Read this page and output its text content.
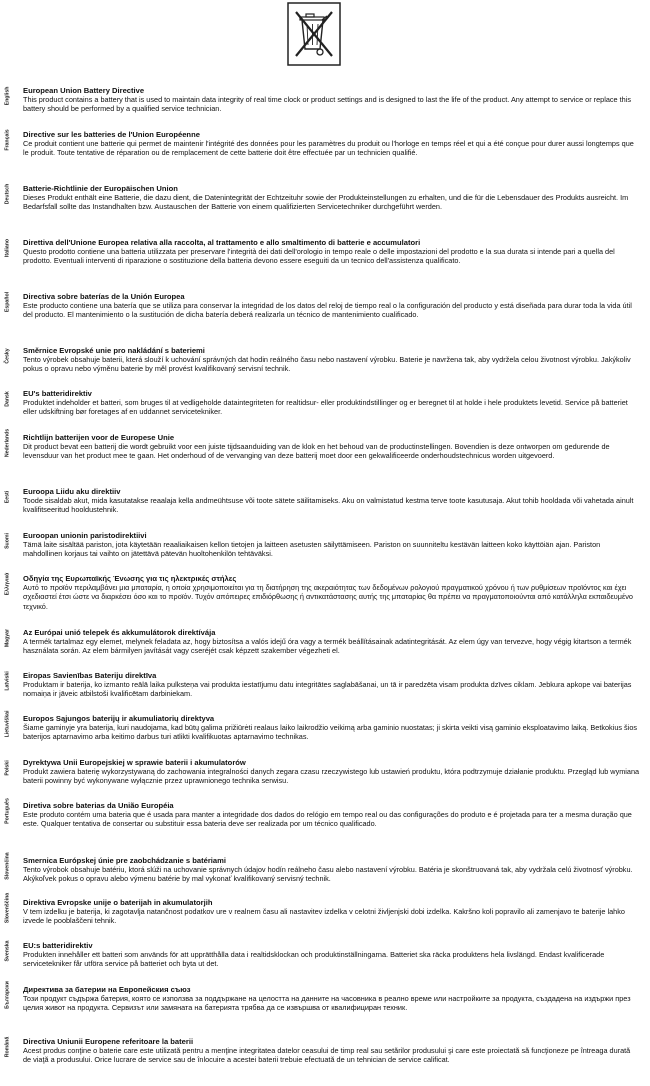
English European Union Battery Directive

This product contains a battery that is used to maintain data integrity of real time clock or product settings and is designed to last the life of the product. Any attempt to service or replace this battery should be performed by a qualified service technician.

Français Directive sur les batteries de l'Union Européenne

Ce produit contient une batterie qui permet de maintenir l'intégrité des données pour les paramètres du produit ou l'horloge en temps réel et qui a été conçue pour durer aussi longtemps que le produit. Toute tentative de réparation ou de remplacement de cette batterie doit être effectuée par un technicien qualifié.

Deutsch Batterie-Richtlinie der Europäischen Union

Dieses Produkt enthält eine Batterie, die dazu dient, die Datenintegrität der Echtzeituhr sowie der Produkteinstellungen zu erhalten, und die für die Lebensdauer des Produkts ausreicht. Im Bedarfsfall sollte das Instandhalten bzw. Austauschen der Batterie von einem qualifizierten Servicetechniker durchgeführt werden.

Italiano Direttiva dell'Unione Europea relativa alla raccolta, al trattamento e allo smaltimento di batterie e accumulatori

Questo prodotto contiene una batteria utilizzata per preservare l'integrità dei dati dell'orologio in tempo reale o delle impostazioni del prodotto e la sua durata si intende pari a quella del prodotto. Eventuali interventi di riparazione o sostituzione della batteria devono essere eseguiti da un tecnico dell'assistenza qualificato.

Español Directiva sobre baterías de la Unión Europea

Este producto contiene una batería que se utiliza para conservar la integridad de los datos del reloj de tiempo real o la configuración del producto y está diseñada para durar toda la vida útil del producto. El mantenimiento o la sustitución de dicha batería deberá realizarla un técnico de mantenimiento cualificado.

Česky Směrnice Evropské unie pro nakládání s bateriemi

Tento výrobek obsahuje baterii, která slouží k uchování správných dat hodin reálného času nebo nastavení výrobku. Baterie je navržena tak, aby vydržela celou životnost výrobku. Jakýkoliv pokus o opravu nebo výměnu baterie by měl provést kvalifikovaný servisní technik.

Dansk EU's batteridirektiv

Produktet indeholder et batteri, som bruges til at vedligeholde dataintegriteten for realtidsur- eller produktindstillinger og er beregnet til at holde i hele produktets levetid. Service på batteriet eller udskiftning bør foretages af en uddannet servicetekniker.

Nederlands Richtlijn batterijen voor de Europese Unie

Dit product bevat een batterij die wordt gebruikt voor een juiste tijdsaanduiding van de klok en het behoud van de productinstellingen. Bovendien is deze ontworpen om gedurende de levensduur van het product mee te gaan. Het onderhoud of de vervanging van deze batterij moet door een gekwalificeerde onderhoudstechnicus worden uitgevoerd.

Eesti Euroopa Liidu aku direktiiv

Toode sisaldab akut, mida kasutatakse reaalaja kella andmeühtsuse või toote sätete säilitamiseks. Aku on valmistatud kestma terve toote kasutusaja. Akut tohib hooldada või vahetada ainult kvalifitseeritud hooldustehnik.

Suomi Euroopan unionin paristodirektiivi

Tämä laite sisältää pariston, jota käytetään reaaliaikaisen kellon tietojen ja laitteen asetusten säilyttämiseen. Pariston on suunniteltu kestävän laitteen koko käyttöiän ajan. Pariston mahdollinen korjaus tai vaihto on jätettävä pätevän huoltohenkilön tehtäväksi.

Ελληνικά Οδηγία της Ευρωπαϊκής Ένωσης για τις ηλεκτρικές στήλες

Αυτό το προϊόν περιλαμβάνει μια μπαταρία, η οποία χρησιμοποιείται για τη διατήρηση της ακεραιότητας των δεδομένων ρολογιού πραγματικού χρόνου ή των ρυθμίσεων προϊόντος και έχει σχεδιαστεί έτσι ώστε να διαρκέσει όσο και το προϊόν. Τυχόν απόπειρες επιδιόρθωσης ή αντικατάστασης αυτής της μπαταρίας θα πρέπει να πραγματοποιούνται από κατάλληλα εκπαιδευμένο τεχνικό.

Magyar Az Európai unió telepek és akkumulátorok direktívája

A termék tartalmaz egy elemet, melynek feladata az, hogy biztosítsa a valós idejű óra vagy a termék beállításainak adatintegritását. Az elem úgy van tervezve, hogy végig kitartson a termék használata során. Az elem bármilyen javítását vagy cseréjét csak képzett szakember végezheti el.

Latviski Eiropas Savienības Bateriju direktīva

Produktam ir baterija, ko izmanto reālā laika pulksteņa vai produkta iestatījumu datu integritātes saglabāšanai, un tā ir paredzēta visam produkta dzīves ciklam. Jebkura apkope vai baterijas nomaiņa ir jāveic atbilstoši kvalificētam darbiniekam.

Lietuviškai Europos Sąjungos baterijų ir akumuliatorių direktyva

Šiame gaminyje yra baterija, kuri naudojama, kad būtų galima prižiūrėti realaus laiko laikrodžio veikimą arba gaminio nuostatas; ji skirta veikti visą gaminio eksploatavimo laiką. Betkokius šios baterijos aptarnavimo arba keitimo darbus turi atlikti kvalifikuotas aptarnavimo technikas.

Polski Dyrektywa Unii Europejskiej w sprawie baterii i akumulatorów

Produkt zawiera baterię wykorzystywaną do zachowania integralności danych zegara czasu rzeczywistego lub ustawień produktu, która podtrzymuje działanie produktu. Przegląd lub wymiana baterii powinny być wykonywane wyłącznie przez uprawnionego technika serwisu.

Português Diretiva sobre baterias da União Européia

Este produto contém uma bateria que é usada para manter a integridade dos dados do relógio em tempo real ou das configurações do produto e é projetada para ter a mesma duração que este. Qualquer tentativa de consertar ou substituir essa bateria deve ser realizada por um técnico qualificado.

Slovenčina Smernica Európskej únie pre zaobchádzanie s batériami

Tento výrobok obsahuje batériu, ktorá slúži na uchovanie správnych údajov hodín reálneho času alebo nastavení výrobku. Batéria je skonštruovaná tak, aby vydržala celú životnosť výrobku. Akýkoľvek pokus o opravu alebo výmenu batérie by mal vykonať kvalifikovaný servisný technik.

Slovenščina Direktiva Evropske unije o bateriјah in akumulatorjih

V tem izdelku je baterija, ki zagotavlja natančnost podatkov ure v realnem času ali nastavitev izdelka v celotni življenjski dobi izdelka. Kakršno koli popravilo ali zamenjavo te baterije lahko izvede le pooblaščeni tehnik.

Svenska EU:s batteridirektiv

Produkten innehåller ett batteri som används för att upprätthålla data i realtidsklockan och produktinställningarna. Batteriet ska räcka produktens hela livslängd. Endast kvalificerade servicetekniker får utföra service på batteriet och byta ut det.

Български Директива за батерии на Европейския съюз

Този продукт съдържа батерия, която се използва за поддържане на целостта на данните на часовника в реално време или настройките за продукта, създадена на издържи през целия живот на продукта. Сервизът или замяната на батерията трябва да се извършва от квалифициран техник.

Română Directiva Uniunii Europene referitoare la baterii

Acest produs conţine o baterie care este utilizată pentru a menţine integritatea datelor ceasului de timp real sau setărilor produsului şi care este proiectată să funcţioneze pe întreaga durată de viaţă a produsului. Orice lucrare de service sau de înlocuire a acestei baterii trebuie efectuată de un tehnician de service calificat.
